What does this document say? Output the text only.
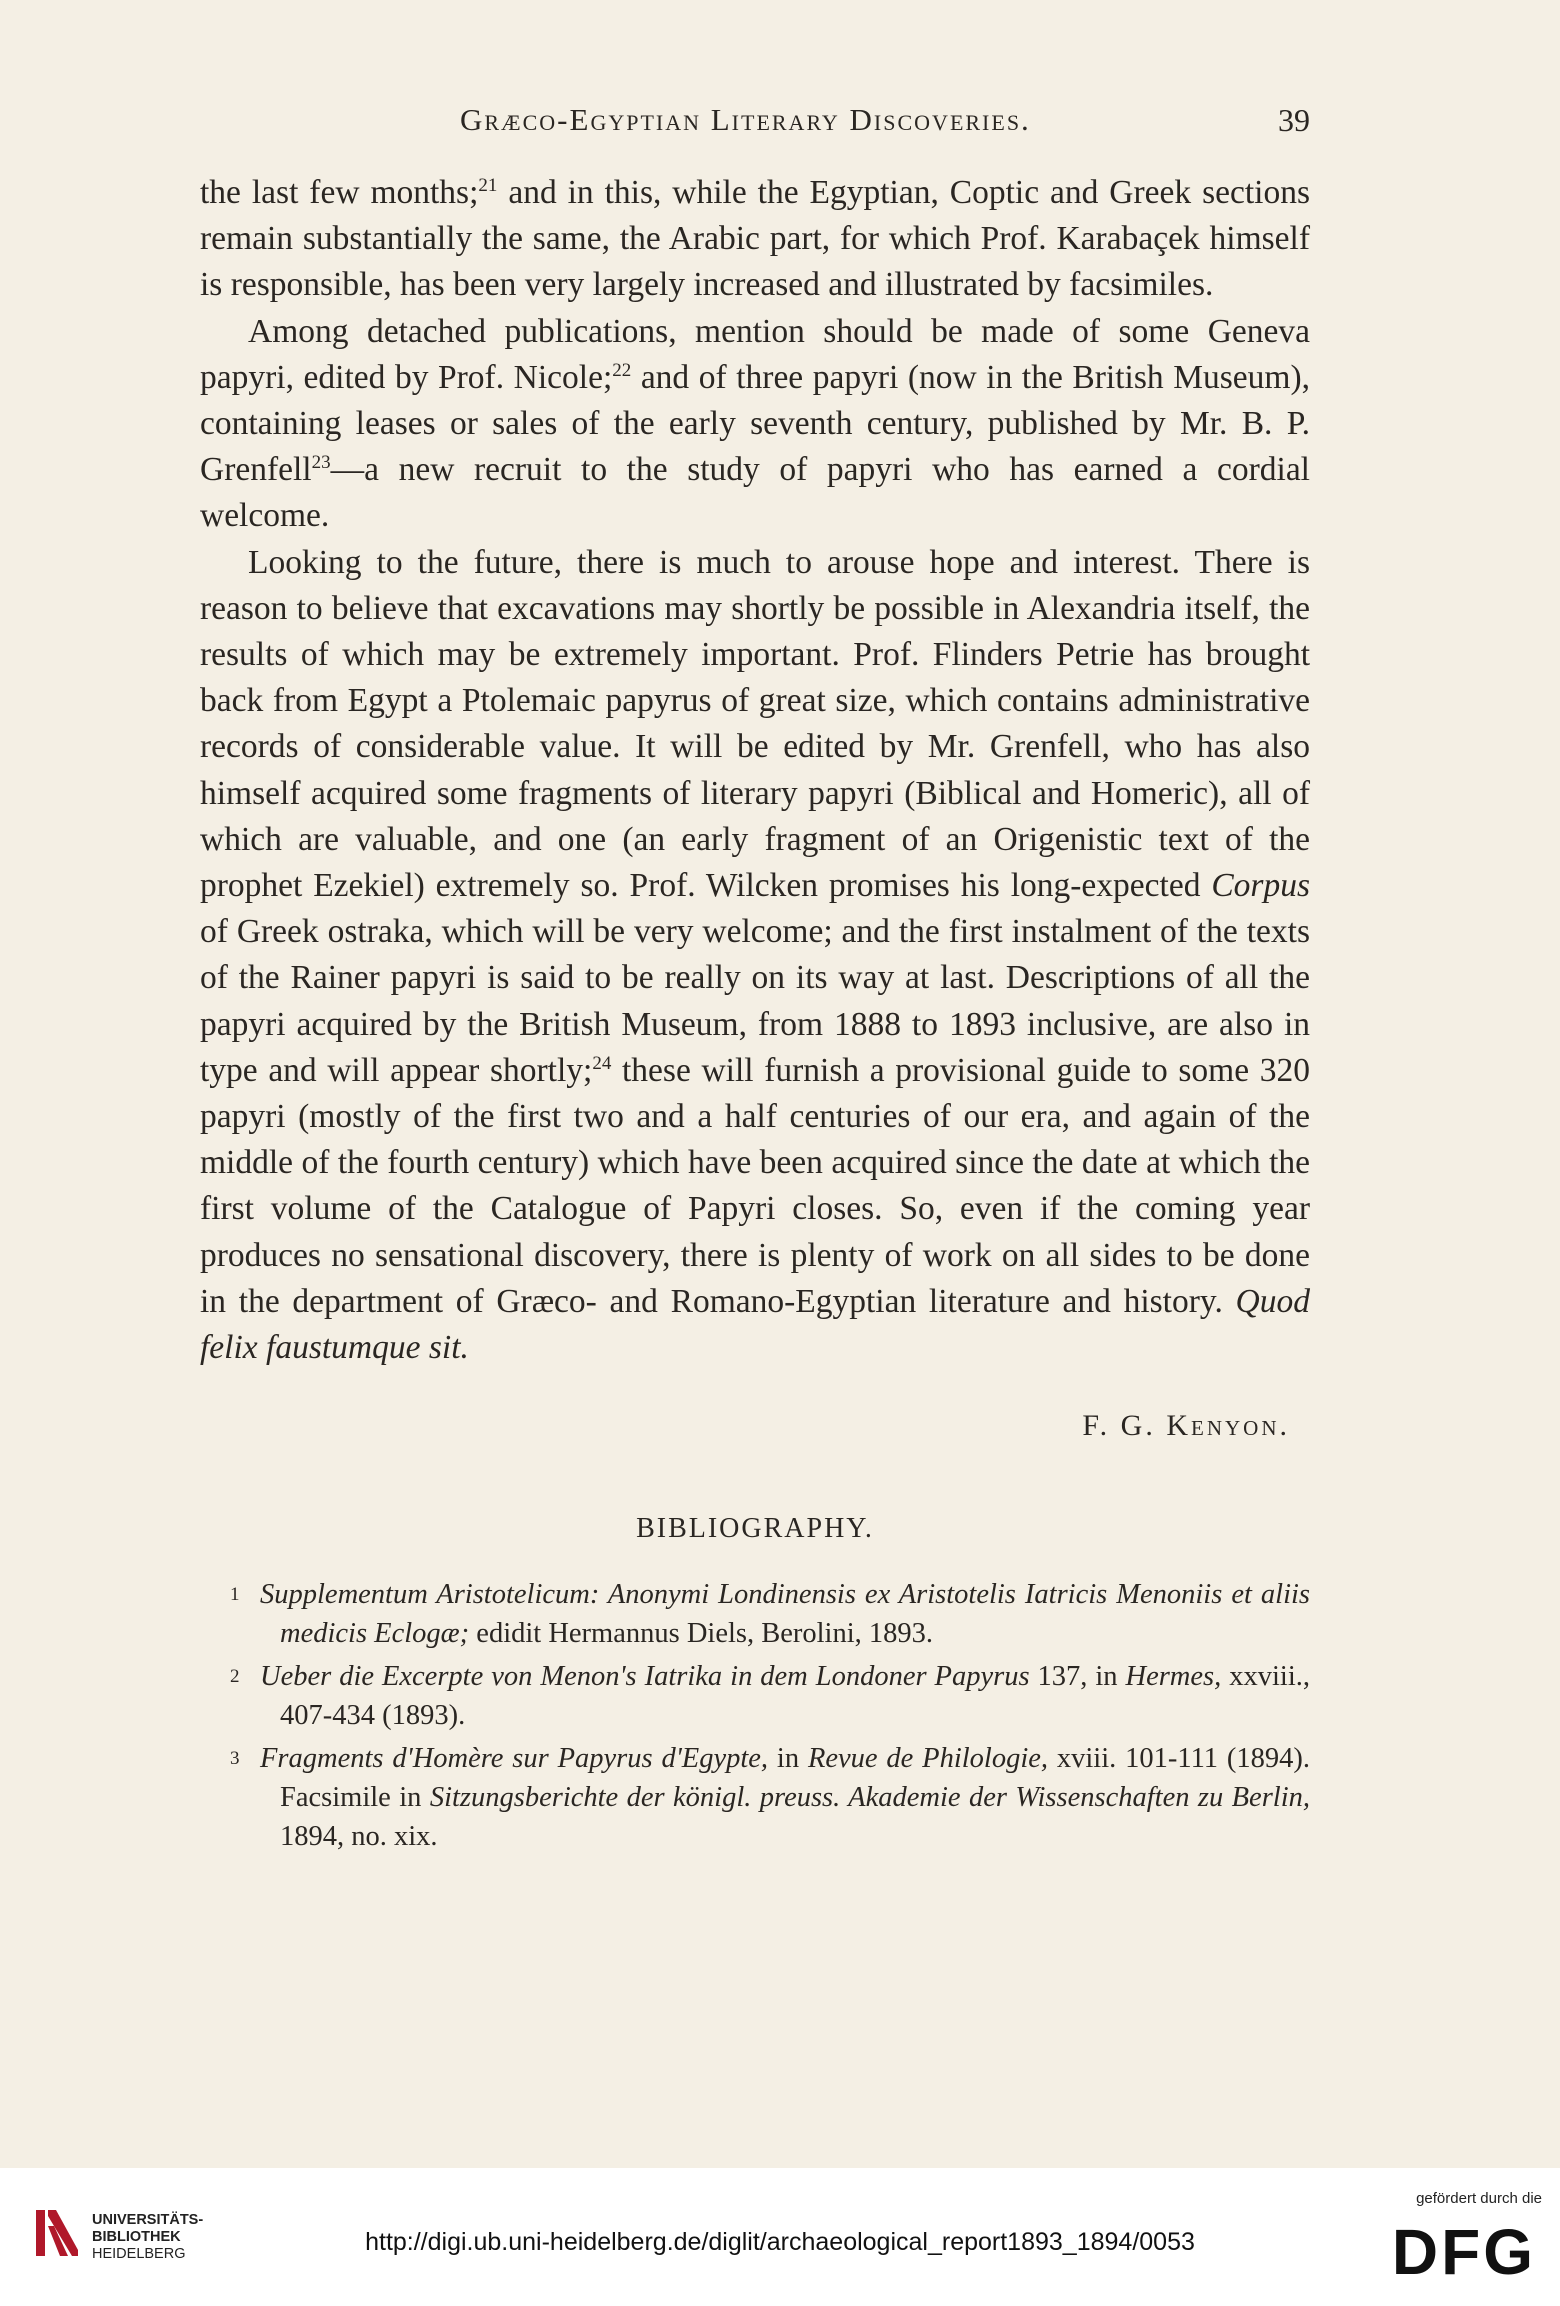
Græco-Egyptian Literary Discoveries.	39

the last few months;$^{21}$ and in this, while the Egyptian, Coptic and Greek sections remain substantially the same, the Arabic part, for which Prof. Karabaçek himself is responsible, has been very largely increased and illustrated by facsimiles.

Among detached publications, mention should be made of some Geneva papyri, edited by Prof. Nicole;$^{22}$ and of three papyri (now in the British Museum), containing leases or sales of the early seventh century, published by Mr. B. P. Grenfell$^{23}$—a new recruit to the study of papyri who has earned a cordial welcome.

Looking to the future, there is much to arouse hope and interest. There is reason to believe that excavations may shortly be possible in Alexandria itself, the results of which may be extremely important. Prof. Flinders Petrie has brought back from Egypt a Ptolemaic papyrus of great size, which contains administrative records of considerable value. It will be edited by Mr. Grenfell, who has also himself acquired some fragments of literary papyri (Biblical and Homeric), all of which are valuable, and one (an early fragment of an Origenistic text of the prophet Ezekiel) extremely so. Prof. Wilcken promises his long-expected Corpus of Greek ostraka, which will be very welcome; and the first instalment of the texts of the Rainer papyri is said to be really on its way at last. Descriptions of all the papyri acquired by the British Museum, from 1888 to 1893 inclusive, are also in type and will appear shortly;$^{24}$ these will furnish a provisional guide to some 320 papyri (mostly of the first two and a half centuries of our era, and again of the middle of the fourth century) which have been acquired since the date at which the first volume of the Catalogue of Papyri closes. So, even if the coming year produces no sensational discovery, there is plenty of work on all sides to be done in the department of Græco- and Romano-Egyptian literature and history. Quod felix faustumque sit.

F. G. Kenyon.
BIBLIOGRAPHY.
1 Supplementum Aristotelicum: Anonymi Londinensis ex Aristotelis Iatricis Menoniis et aliis medicis Eclogæ; edidit Hermannus Diels, Berolini, 1893.
2 Ueber die Excerpte von Menon's Iatrika in dem Londoner Papyrus 137, in Hermes, xxviii., 407-434 (1893).
3 Fragments d'Homère sur Papyrus d'Egypte, in Revue de Philologie, xviii. 101-111 (1894). Facsimile in Sitzungsberichte der königl. preuss. Akademie der Wissenschaften zu Berlin, 1894, no. xix.
UNIVERSITÄTS-
BIBLIOTHEK
HEIDELBERG	http://digi.ub.uni-heidelberg.de/diglit/archaeological_report1893_1894/0053
gefördert durch die
DFG
